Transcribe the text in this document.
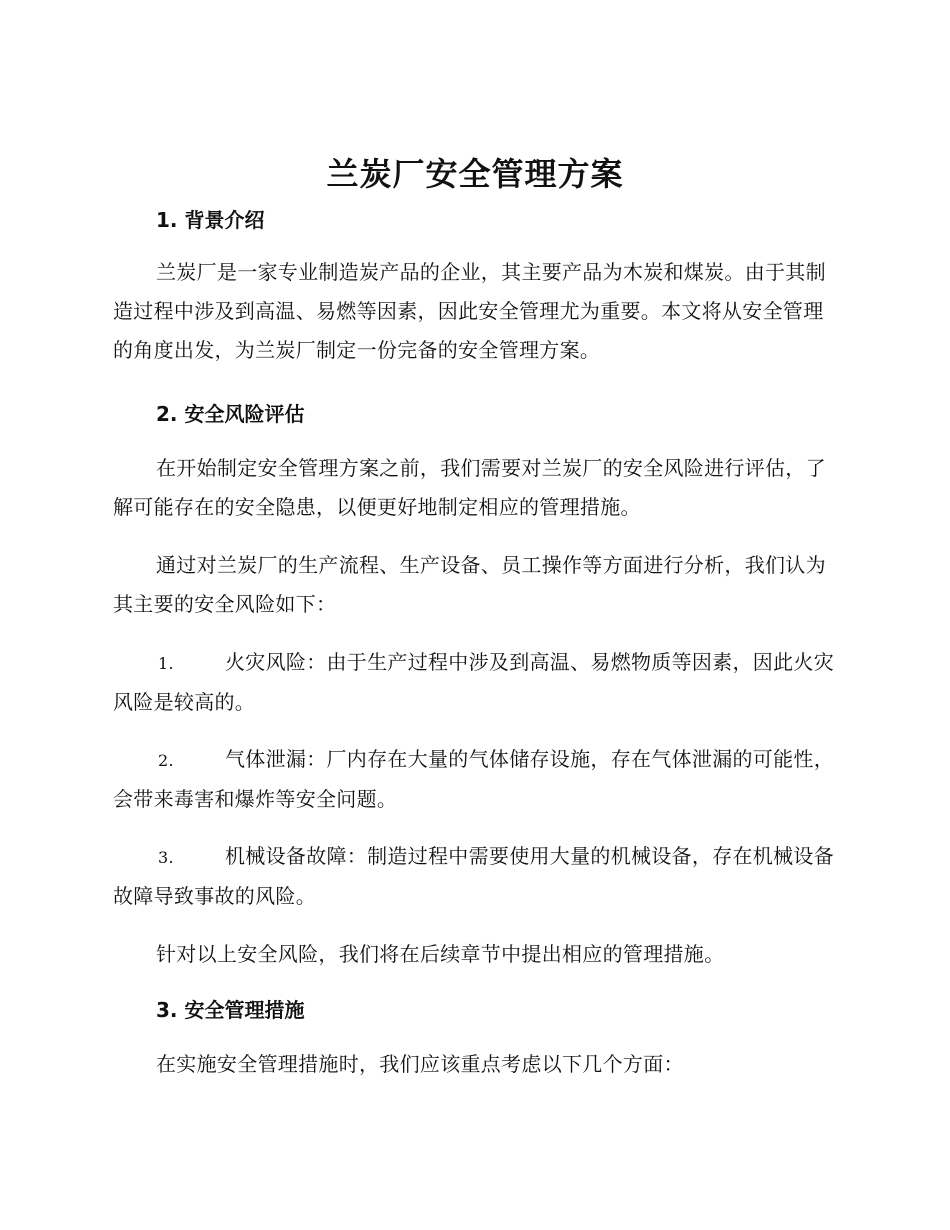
兰炭厂安全管理方案
1. 背景介绍

兰炭厂是一家专业制造炭产品的企业，其主要产品为木炭和煤炭。由于其制造过程中涉及到高温、易燃等因素，因此安全管理尤为重要。本文将从安全管理的角度出发，为兰炭厂制定一份完备的安全管理方案。

2. 安全风险评估

在开始制定安全管理方案之前，我们需要对兰炭厂的安全风险进行评估，了解可能存在的安全隐患，以便更好地制定相应的管理措施。

通过对兰炭厂的生产流程、生产设备、员工操作等方面进行分析，我们认为其主要的安全风险如下：

1.	火灾风险：由于生产过程中涉及到高温、易燃物质等因素，因此火灾风险是较高的。

2.	气体泄漏：厂内存在大量的气体储存设施，存在气体泄漏的可能性，会带来毒害和爆炸等安全问题。

3.	机械设备故障：制造过程中需要使用大量的机械设备，存在机械设备故障导致事故的风险。

针对以上安全风险，我们将在后续章节中提出相应的管理措施。

3. 安全管理措施

在实施安全管理措施时，我们应该重点考虑以下几个方面：
